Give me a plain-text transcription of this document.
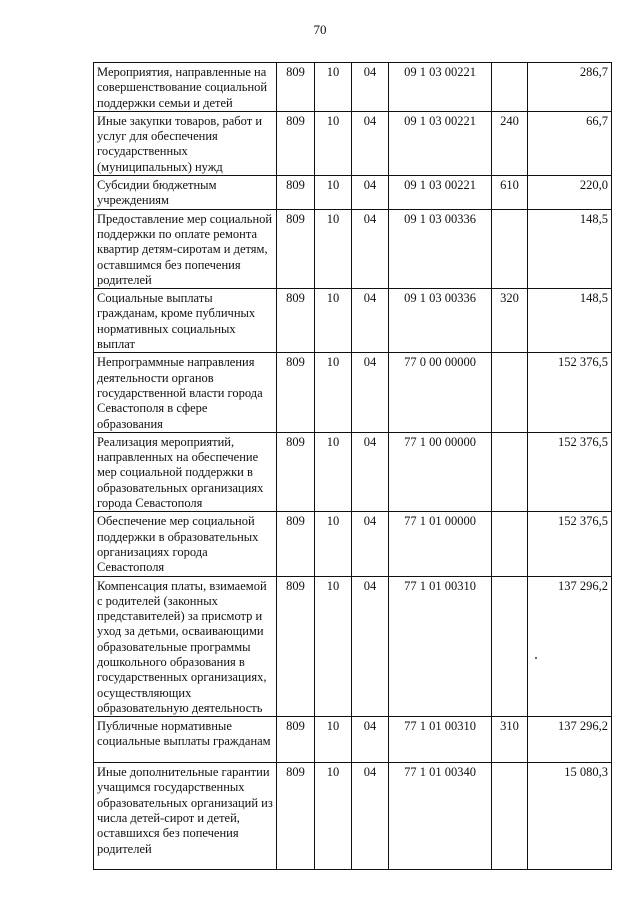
70
Мероприятия, направленные на совершенствование социальной поддержки семьи и детей	809	10	04	09 1 03 00221		286,7
Иные закупки товаров, работ и услуг для обеспечения государственных (муниципальных) нужд	809	10	04	09 1 03 00221	240	66,7
Субсидии бюджетным учреждениям	809	10	04	09 1 03 00221	610	220,0
Предоставление мер социальной поддержки по оплате ремонта квартир детям-сиротам и детям, оставшимся без попечения родителей	809	10	04	09 1 03 00336		148,5
Социальные выплаты гражданам, кроме публичных нормативных социальных выплат	809	10	04	09 1 03 00336	320	148,5
Непрограммные направления деятельности органов государственной власти города Севастополя в сфере образования	809	10	04	77 0 00 00000		152 376,5
Реализация мероприятий, направленных на обеспечение мер социальной поддержки в образовательных организациях города Севастополя	809	10	04	77 1 00 00000		152 376,5
Обеспечение мер социальной поддержки в образовательных организациях города Севастополя	809	10	04	77 1 01 00000		152 376,5
Компенсация платы, взимаемой с родителей (законных представителей) за присмотр и уход за детьми, осваивающими образовательные программы дошкольного образования в государственных организациях, осуществляющих образовательную деятельность	809	10	04	77 1 01 00310		137 296,2
Публичные нормативные социальные выплаты гражданам	809	10	04	77 1 01 00310	310	137 296,2
Иные дополнительные гарантии учащимся государственных образовательных организаций из числа детей-сирот и детей, оставшихся без попечения родителей	809	10	04	77 1 01 00340		15 080,3
